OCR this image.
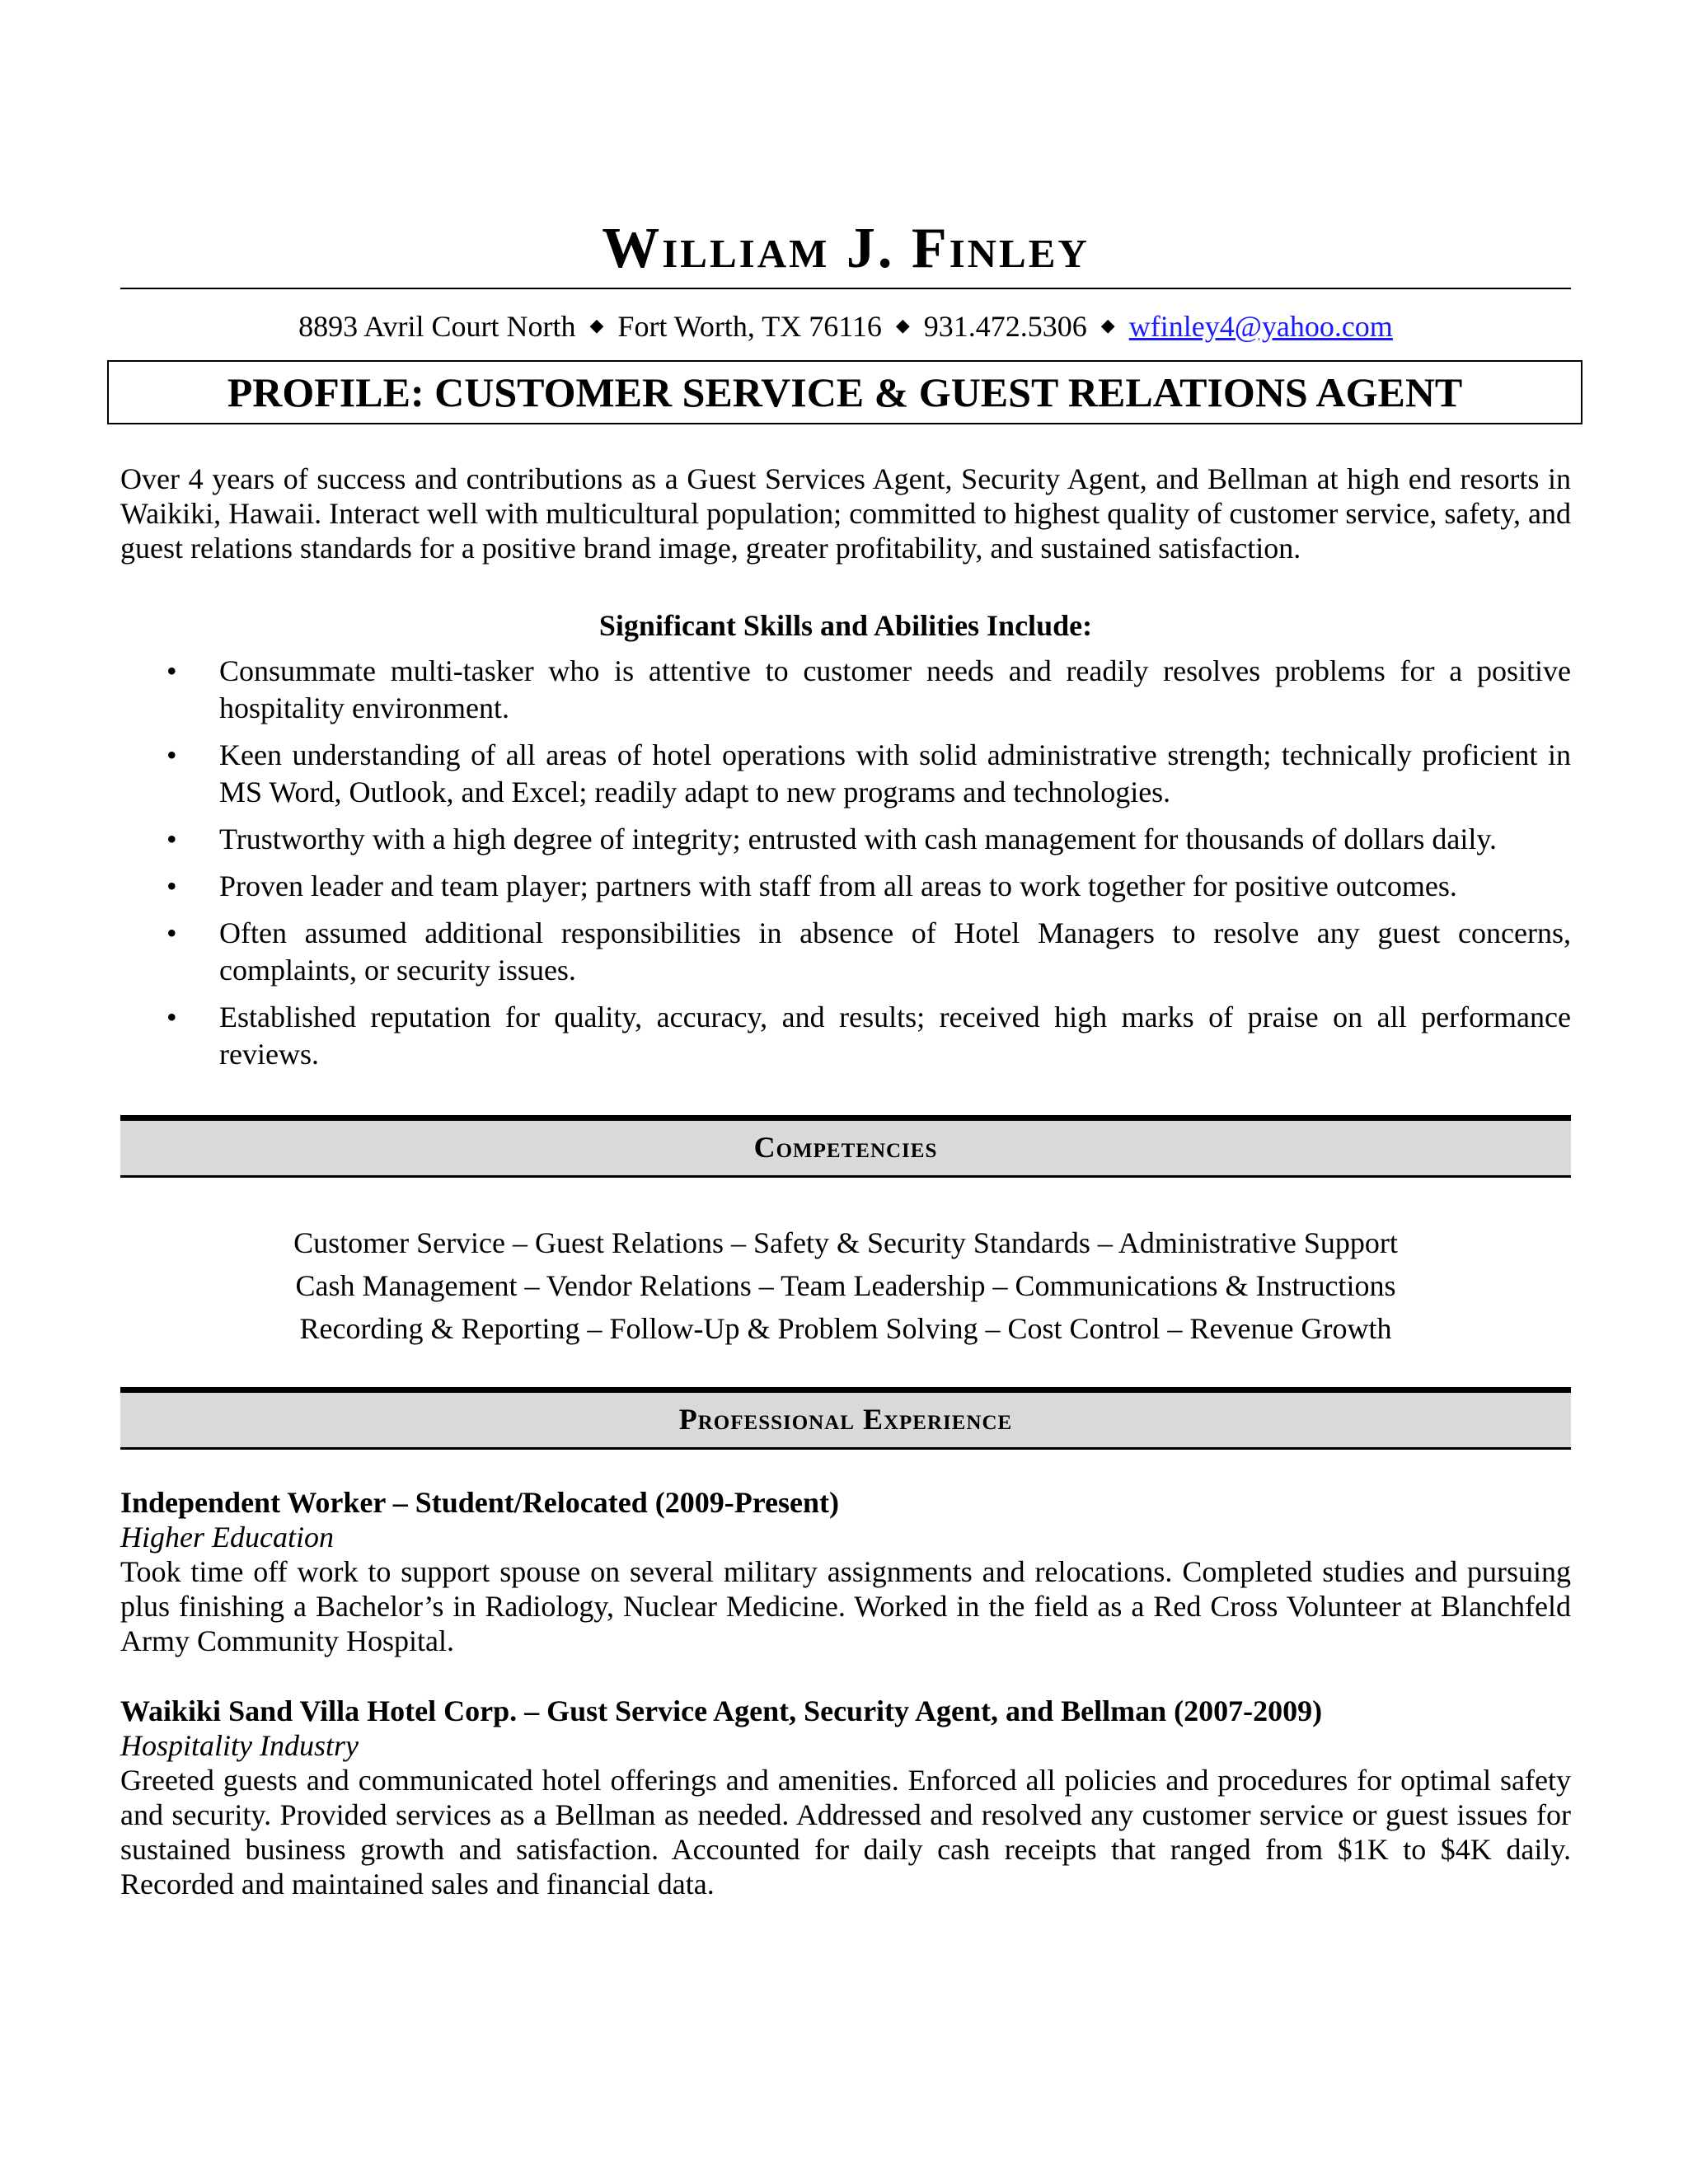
William J. Finley
8893 Avril Court North ◆ Fort Worth, TX 76116 ◆ 931.472.5306 ◆ wfinley4@yahoo.com
PROFILE: CUSTOMER SERVICE & GUEST RELATIONS AGENT
Over 4 years of success and contributions as a Guest Services Agent, Security Agent, and Bellman at high end resorts in Waikiki, Hawaii. Interact well with multicultural population; committed to highest quality of customer service, safety, and guest relations standards for a positive brand image, greater profitability, and sustained satisfaction.
Significant Skills and Abilities Include:
• Consummate multi-tasker who is attentive to customer needs and readily resolves problems for a positive hospitality environment.
• Keen understanding of all areas of hotel operations with solid administrative strength; technically proficient in MS Word, Outlook, and Excel; readily adapt to new programs and technologies.
• Trustworthy with a high degree of integrity; entrusted with cash management for thousands of dollars daily.
• Proven leader and team player; partners with staff from all areas to work together for positive outcomes.
• Often assumed additional responsibilities in absence of Hotel Managers to resolve any guest concerns, complaints, or security issues.
• Established reputation for quality, accuracy, and results; received high marks of praise on all performance reviews.
Competencies
Customer Service – Guest Relations – Safety & Security Standards – Administrative Support
Cash Management – Vendor Relations – Team Leadership – Communications & Instructions
Recording & Reporting – Follow-Up & Problem Solving – Cost Control – Revenue Growth
Professional Experience
Independent Worker – Student/Relocated (2009-Present)
Higher Education
Took time off work to support spouse on several military assignments and relocations. Completed studies and pursuing plus finishing a Bachelor’s in Radiology, Nuclear Medicine. Worked in the field as a Red Cross Volunteer at Blanchfeld Army Community Hospital.
Waikiki Sand Villa Hotel Corp. – Gust Service Agent, Security Agent, and Bellman (2007-2009)
Hospitality Industry
Greeted guests and communicated hotel offerings and amenities. Enforced all policies and procedures for optimal safety and security. Provided services as a Bellman as needed. Addressed and resolved any customer service or guest issues for sustained business growth and satisfaction. Accounted for daily cash receipts that ranged from $1K to $4K daily. Recorded and maintained sales and financial data.
